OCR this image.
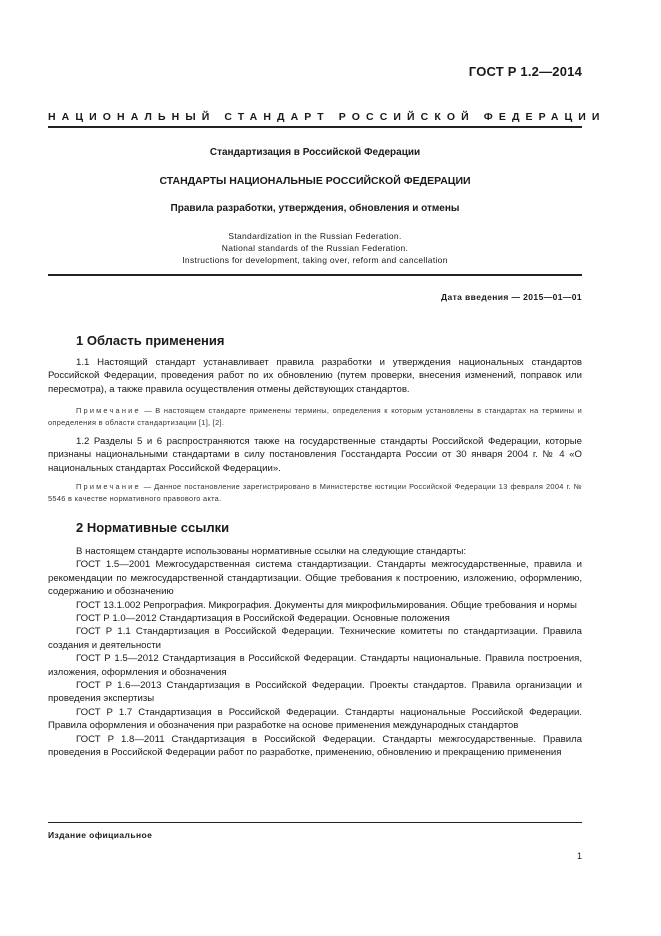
ГОСТ Р 1.2—2014
НАЦИОНАЛЬНЫЙ СТАНДАРТ РОССИЙСКОЙ ФЕДЕРАЦИИ
Стандартизация в Российской Федерации
СТАНДАРТЫ НАЦИОНАЛЬНЫЕ РОССИЙСКОЙ ФЕДЕРАЦИИ
Правила разработки, утверждения, обновления и отмены
Standardization in the Russian Federation.
National standards of the Russian Federation.
Instructions for development, taking over, reform and cancellation
Дата введения — 2015—01—01
1 Область применения

1.1 Настоящий стандарт устанавливает правила разработки и утверждения национальных стандартов Российской Федерации, проведения работ по их обновлению (путем проверки, внесения изменений, поправок или пересмотра), а также правила осуществления отмены действующих стандартов.

Примечание — В настоящем стандарте применены термины, определения к которым установлены в стандартах на термины и определения в области стандартизации [1], [2].

1.2 Разделы 5 и 6 распространяются также на государственные стандарты Российской Федерации, которые признаны национальными стандартами в силу постановления Госстандарта России от 30 января 2004 г. № 4 «О национальных стандартах Российской Федерации».

Примечание — Данное постановление зарегистрировано в Министерстве юстиции Российской Федерации 13 февраля 2004 г. № 5546 в качестве нормативного правового акта.

2 Нормативные ссылки

В настоящем стандарте использованы нормативные ссылки на следующие стандарты:

ГОСТ 1.5—2001 Межгосударственная система стандартизации. Стандарты межгосударственные, правила и рекомендации по межгосударственной стандартизации. Общие требования к построению, изложению, оформлению, содержанию и обозначению

ГОСТ 13.1.002 Репрография. Микрография. Документы для микрофильмирования. Общие требования и нормы

ГОСТ Р 1.0—2012 Стандартизация в Российской Федерации. Основные положения

ГОСТ Р 1.1 Стандартизация в Российской Федерации. Технические комитеты по стандартизации. Правила создания и деятельности

ГОСТ Р 1.5—2012 Стандартизация в Российской Федерации. Стандарты национальные. Правила построения, изложения, оформления и обозначения

ГОСТ Р 1.6—2013 Стандартизация в Российской Федерации. Проекты стандартов. Правила организации и проведения экспертизы

ГОСТ Р 1.7 Стандартизация в Российской Федерации. Стандарты национальные Российской Федерации. Правила оформления и обозначения при разработке на основе применения международных стандартов

ГОСТ Р 1.8—2011 Стандартизация в Российской Федерации. Стандарты межгосударственные. Правила проведения в Российской Федерации работ по разработке, применению, обновлению и прекращению применения

Издание официальное
1
